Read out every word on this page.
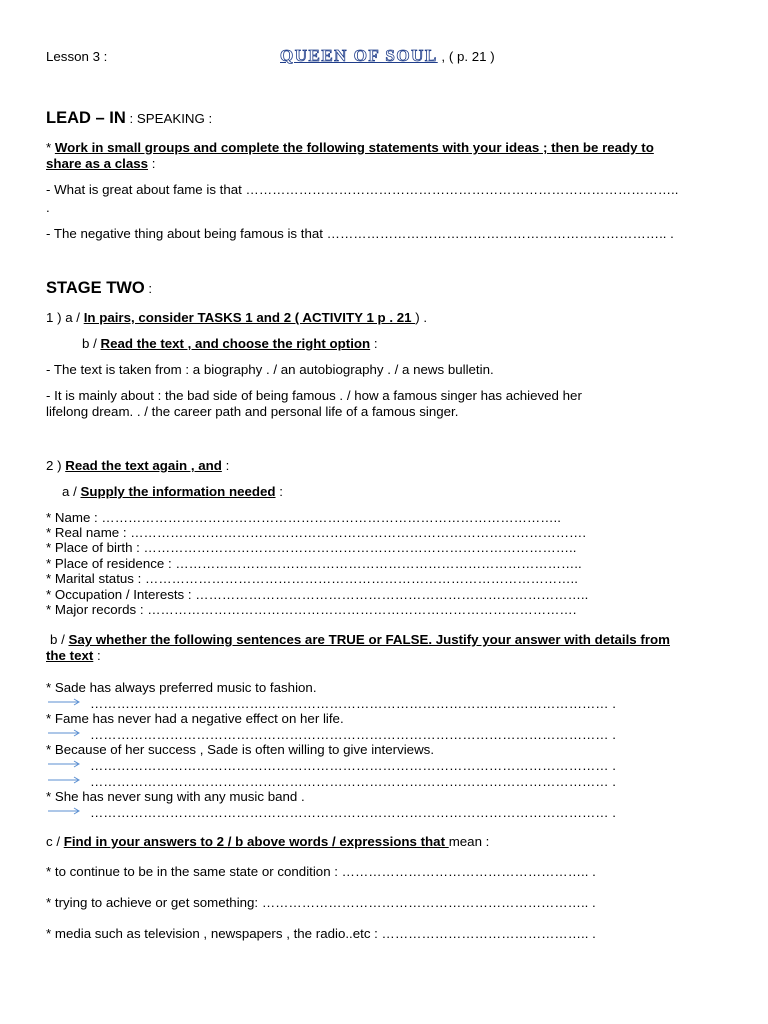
Lesson 3 :	QUEEN OF SOUL , ( p. 21 )
LEAD – IN : SPEAKING :
* Work in small groups and complete the following statements with your ideas ; then be ready to
share as a class :
- What is great about fame is that ……………………………………………………………………………………..
.
- The negative thing about being famous is that ………………………………………………………………….. .
STAGE TWO :
1 ) a / In pairs, consider TASKS 1 and 2 ( ACTIVITY 1 p . 21 ) .
b / Read the text , and choose the right option :
- The text is taken from : a biography . / an autobiography . / a news bulletin.
- It is mainly about : the bad side of being famous . / how a famous singer has achieved her
lifelong dream. . / the career path and personal life of a famous singer.
2 ) Read the text again , and :
a / Supply the information needed :
* Name : …………………………………………………………………………………………..
* Real name : ………………………………………………………………………………………….
* Place of birth : ……………………………………………………………………………………..
* Place of residence : ………………………………………………………………………………..
* Marital status : ……………………………………………………………………………………..
* Occupation / Interests : ……………………………………………………………………………..
* Major records : …………………………………………………………………………………….
b / Say whether the following sentences are TRUE or FALSE. Justify your answer with details from
the text :
* Sade has always preferred music to fashion.
……………………………………………………………………………………………………… .
* Fame has never had a negative effect on her life.
……………………………………………………………………………………………………… .
* Because of her success , Sade is often willing to give interviews.
……………………………………………………………………………………………………… .
……………………………………………………………………………………………………… .
* She has never sung with any music band .
……………………………………………………………………………………………………… .
c / Find in your answers to 2 / b above words / expressions that mean :
* to continue to be in the same state or condition : ……………………………………………….. .
* trying to achieve or get something: ……………………………………………………………….. .
* media such as television , newspapers , the radio..etc : ……………………………………….. .
